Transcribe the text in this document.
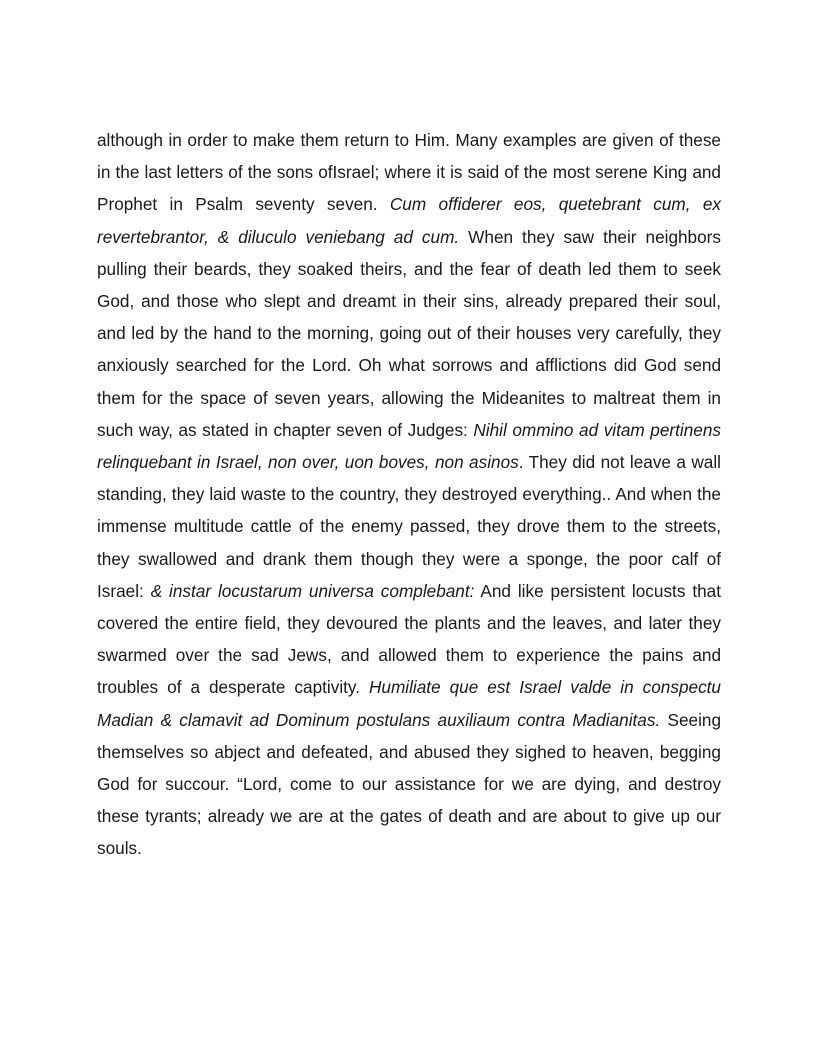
although in order to make them return to Him. Many examples are given of these in the last letters of the sons ofIsrael; where it is said of the most serene King and Prophet in Psalm seventy seven. Cum offiderer eos, quetebrant cum, ex revertebrantor, & diluculo veniebang ad cum. When they saw their neighbors pulling their beards, they soaked theirs, and the fear of death led them to seek God, and those who slept and dreamt in their sins, already prepared their soul, and led by the hand to the morning, going out of their houses very carefully, they anxiously searched for the Lord. Oh what sorrows and afflictions did God send them for the space of seven years, allowing the Mideanites to maltreat them in such way, as stated in chapter seven of Judges: Nihil ommino ad vitam pertinens relinquebant in Israel, non over, uon boves, non asinos. They did not leave a wall standing, they laid waste to the country, they destroyed everything.. And when the immense multitude cattle of the enemy passed, they drove them to the streets, they swallowed and drank them though they were a sponge, the poor calf of Israel: & instar locustarum universa complebant: And like persistent locusts that covered the entire field, they devoured the plants and the leaves, and later they swarmed over the sad Jews, and allowed them to experience the pains and troubles of a desperate captivity. Humiliate que est Israel valde in conspectu Madian & clamavit ad Dominum postulans auxiliaum contra Madianitas. Seeing themselves so abject and defeated, and abused they sighed to heaven, begging God for succour. “Lord, come to our assistance for we are dying, and destroy these tyrants; already we are at the gates of death and are about to give up our souls.
